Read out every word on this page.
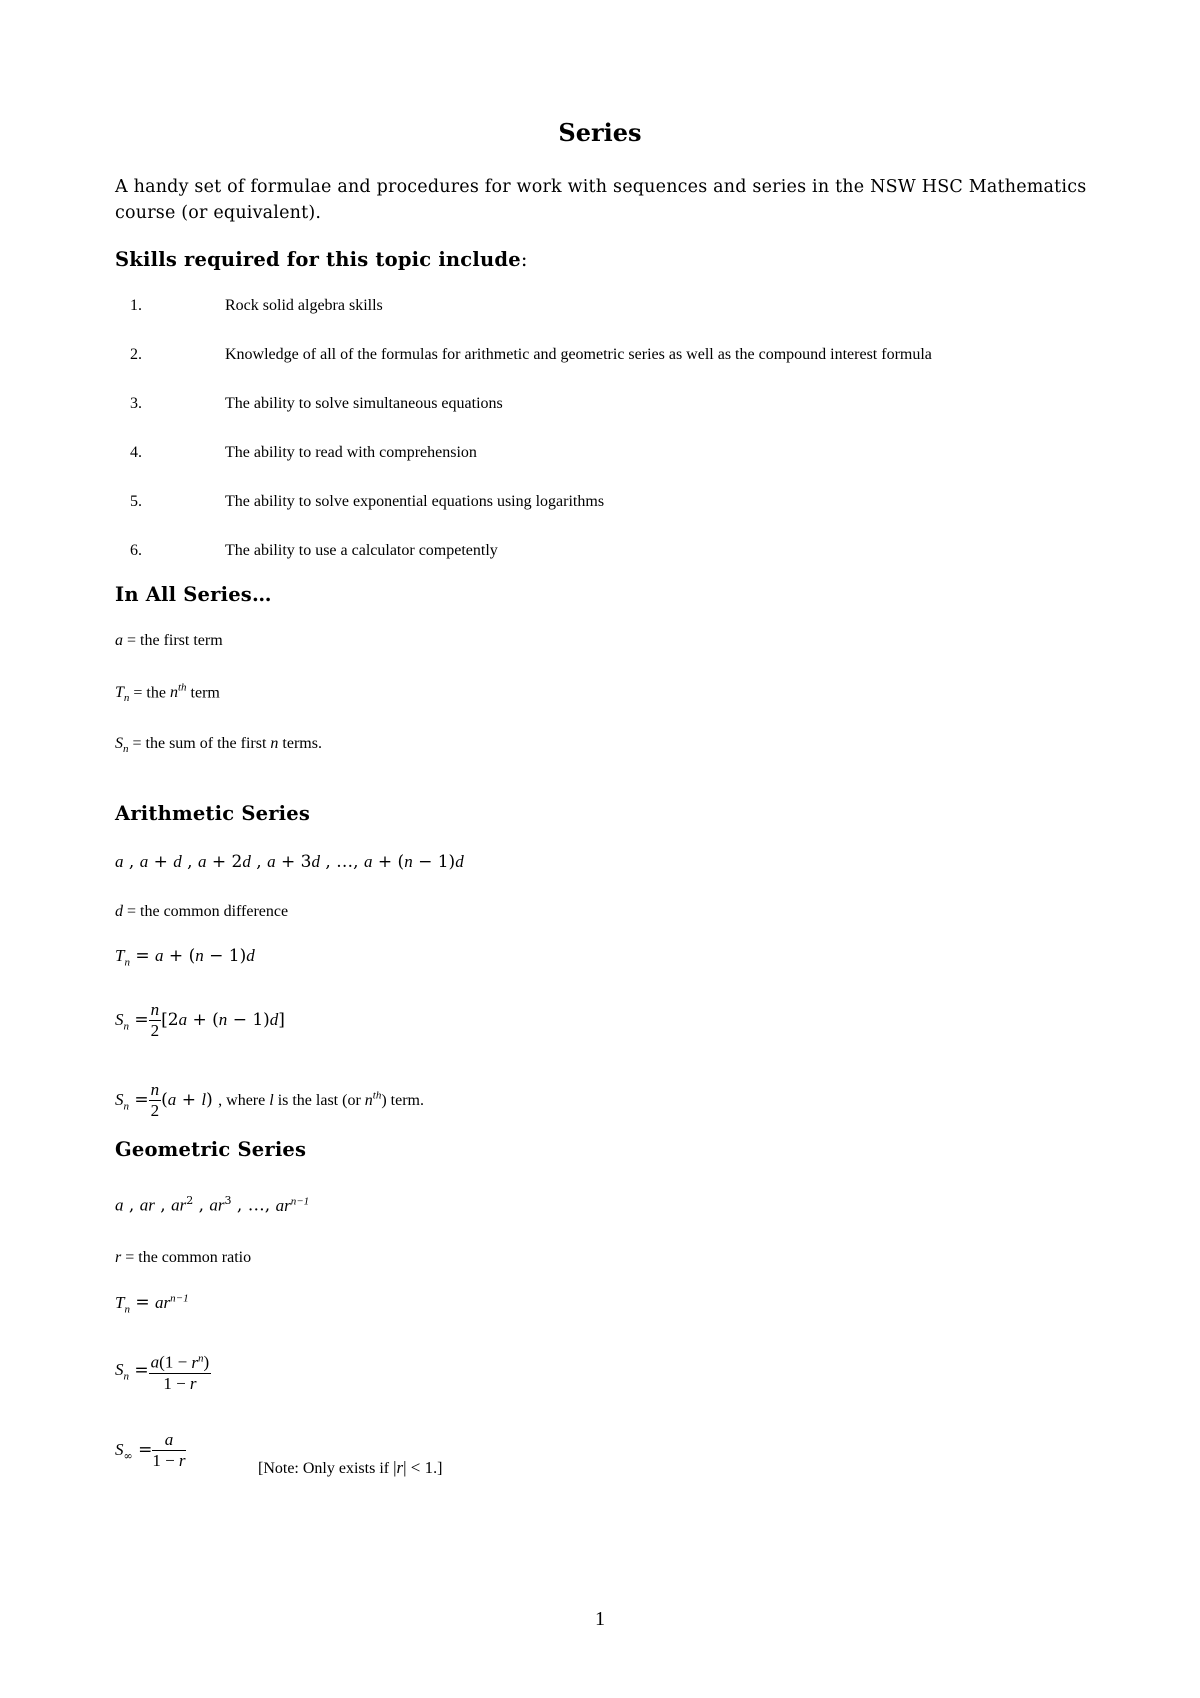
Series
A handy set of formulae and procedures for work with sequences and series in the NSW HSC Mathematics course (or equivalent).
Skills required for this topic include:
1.	Rock solid algebra skills
2.	Knowledge of all of the formulas for arithmetic and geometric series as well as the compound interest formula
3.	The ability to solve simultaneous equations
4.	The ability to read with comprehension
5.	The ability to solve exponential equations using logarithms
6.	The ability to use a calculator competently
In All Series…
a = the first term
$T_n$ = the $n^{th}$ term
$S_n$ = the sum of the first n terms.
Arithmetic Series
a , a + d , a + 2d , a + 3d , …, a + (n − 1)d
d = the common difference
$T_n = a + (n - 1)d$
$S_n = \frac{n}{2} [2a + (n - 1)d]$
$S_n = \frac{n}{2} (a + l)$ , where l is the last (or $n^{th}$) term.
Geometric Series
a , ar , $ar^2$ , $ar^3$ , …, $ar^{n-1}$
r = the common ratio
$T_n = ar^{n-1}$
$S_n = \frac{a(1 - r^n)}{1 - r}$
$S_\infty = \frac{a}{1 - r}$	[Note: Only exists if |r| < 1.]
1
